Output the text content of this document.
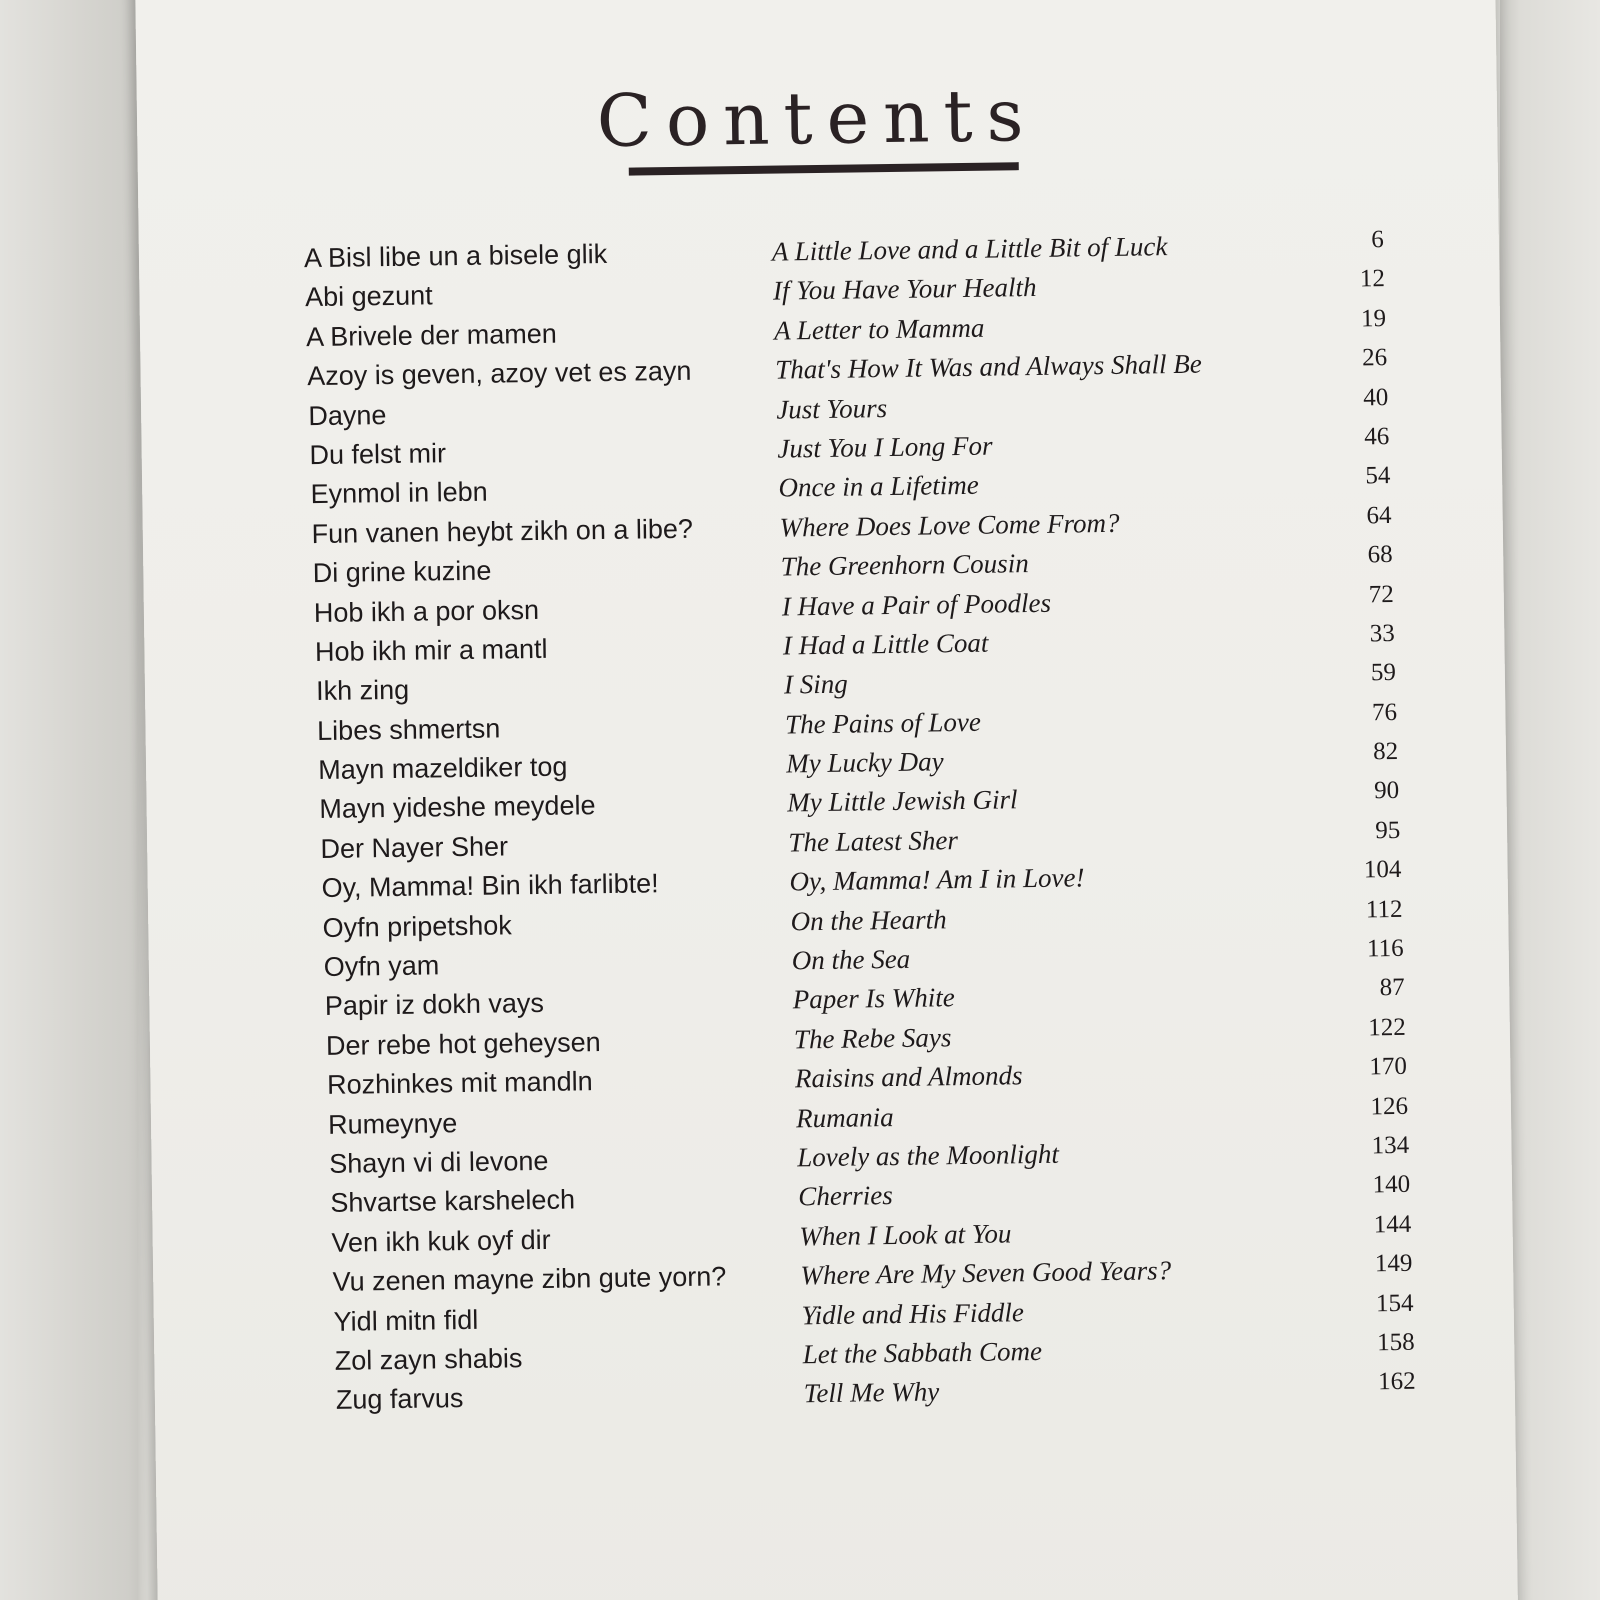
Contents
A Bisl libe un a bisele glik	A Little Love and a Little Bit of Luck	6
Abi gezunt	If You Have Your Health	12
A Brivele der mamen	A Letter to Mamma	19
Azoy is geven, azoy vet es zayn	That's How It Was and Always Shall Be	26
Dayne	Just Yours	40
Du felst mir	Just You I Long For	46
Eynmol in lebn	Once in a Lifetime	54
Fun vanen heybt zikh on a libe?	Where Does Love Come From?	64
Di grine kuzine	The Greenhorn Cousin	68
Hob ikh a por oksn	I Have a Pair of Poodles	72
Hob ikh mir a mantl	I Had a Little Coat	33
Ikh zing	I Sing	59
Libes shmertsn	The Pains of Love	76
Mayn mazeldiker tog	My Lucky Day	82
Mayn yideshe meydele	My Little Jewish Girl	90
Der Nayer Sher	The Latest Sher	95
Oy, Mamma! Bin ikh farlibte!	Oy, Mamma! Am I in Love!	104
Oyfn pripetshok	On the Hearth	112
Oyfn yam	On the Sea	116
Papir iz dokh vays	Paper Is White	87
Der rebe hot geheysen	The Rebe Says	122
Rozhinkes mit mandln	Raisins and Almonds	170
Rumeynye	Rumania	126
Shayn vi di levone	Lovely as the Moonlight	134
Shvartse karshelech	Cherries	140
Ven ikh kuk oyf dir	When I Look at You	144
Vu zenen mayne zibn gute yorn?	Where Are My Seven Good Years?	149
Yidl mitn fidl	Yidle and His Fiddle	154
Zol zayn shabis	Let the Sabbath Come	158
Zug farvus	Tell Me Why	162
